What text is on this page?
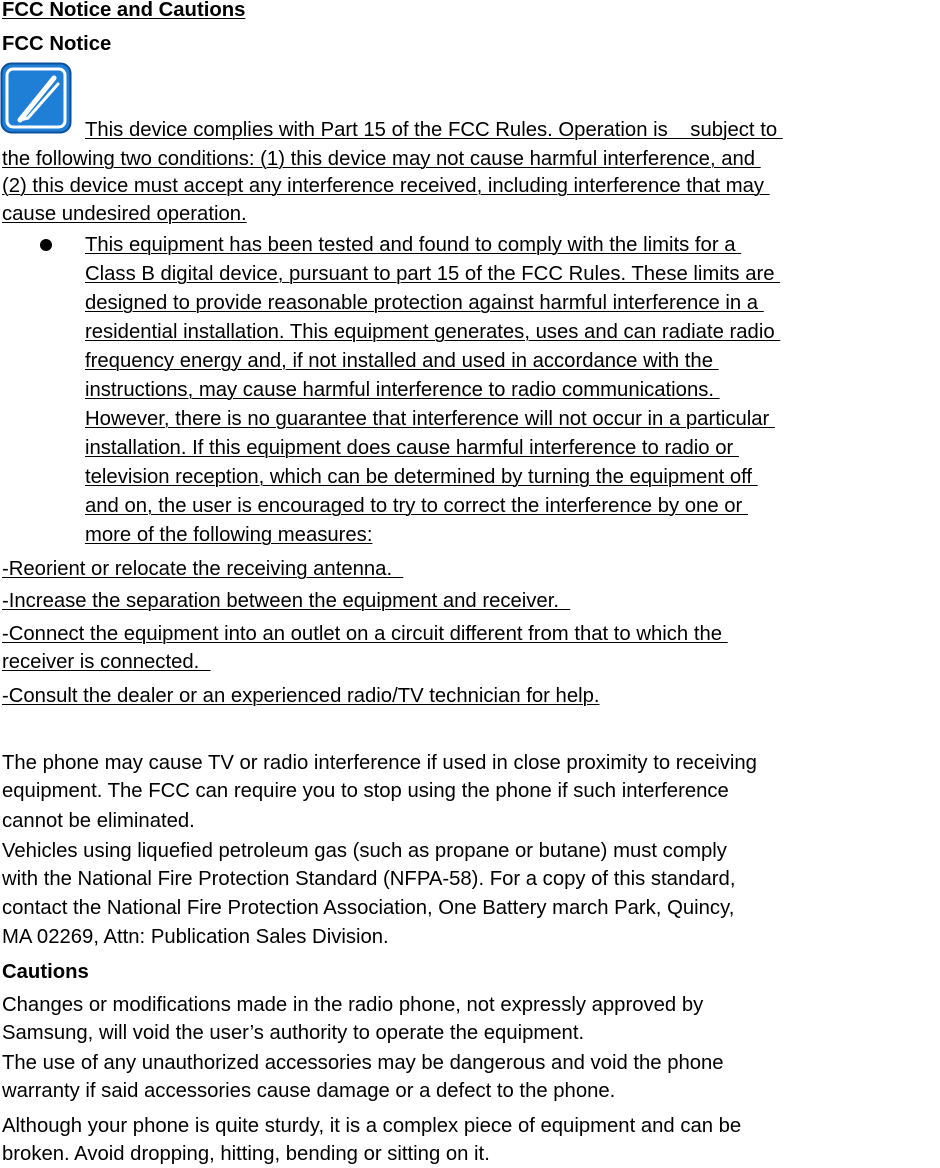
FCC Notice and Cautions
FCC Notice
This device complies with Part 15 of the FCC Rules. Operation is    subject to
the following two conditions: (1) this device may not cause harmful interference, and
(2) this device must accept any interference received, including interference that may
cause undesired operation.
This equipment has been tested and found to comply with the limits for a
Class B digital device, pursuant to part 15 of the FCC Rules. These limits are
designed to provide reasonable protection against harmful interference in a
residential installation. This equipment generates, uses and can radiate radio
frequency energy and, if not installed and used in accordance with the
instructions, may cause harmful interference to radio communications.
However, there is no guarantee that interference will not occur in a particular
installation. If this equipment does cause harmful interference to radio or
television reception, which can be determined by turning the equipment off
and on, the user is encouraged to try to correct the interference by one or
more of the following measures:
-Reorient or relocate the receiving antenna.
-Increase the separation between the equipment and receiver.
-Connect the equipment into an outlet on a circuit different from that to which the
receiver is connected.
-Consult the dealer or an experienced radio/TV technician for help.
The phone may cause TV or radio interference if used in close proximity to receiving
equipment. The FCC can require you to stop using the phone if such interference
cannot be eliminated.
Vehicles using liquefied petroleum gas (such as propane or butane) must comply
with the National Fire Protection Standard (NFPA-58). For a copy of this standard,
contact the National Fire Protection Association, One Battery march Park, Quincy,
MA 02269, Attn: Publication Sales Division.
Cautions
Changes or modifications made in the radio phone, not expressly approved by
Samsung, will void the user’s authority to operate the equipment.
The use of any unauthorized accessories may be dangerous and void the phone
warranty if said accessories cause damage or a defect to the phone.
Although your phone is quite sturdy, it is a complex piece of equipment and can be
broken. Avoid dropping, hitting, bending or sitting on it.
